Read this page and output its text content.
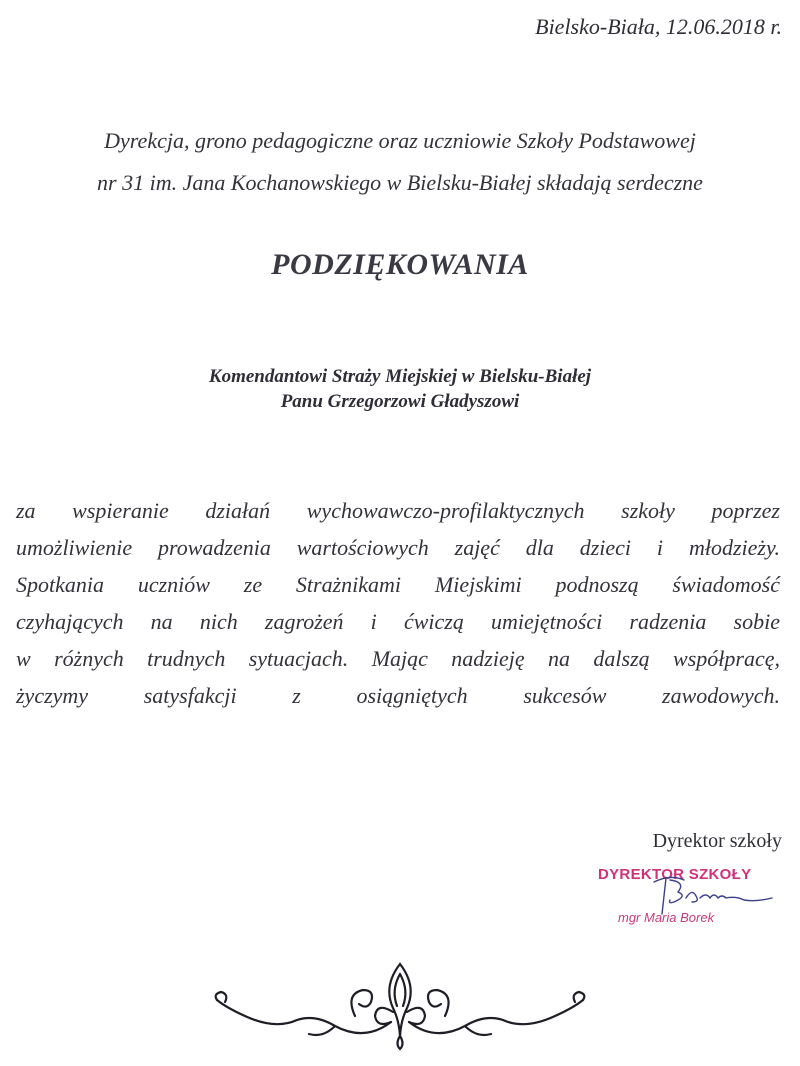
Bielsko-Biała, 12.06.2018 r.
Dyrekcja, grono pedagogiczne oraz uczniowie Szkoły Podstawowej
nr 31 im. Jana Kochanowskiego w Bielsku-Białej składają serdeczne
PODZIĘKOWANIA
Komendantowi Straży Miejskiej w Bielsku-Białej
Panu Grzegorzowi Gładyszowi
za wspieranie działań wychowawczo-profilaktycznych szkoły poprzez
umożliwienie prowadzenia wartościowych zajęć dla dzieci i młodzieży.
Spotkania uczniów ze Strażnikami Miejskimi podnoszą świadomość
czyhających na nich zagrożeń i ćwiczą umiejętności radzenia sobie
w różnych trudnych sytuacjach. Mając nadzieję na dalszą współpracę,
życzymy satysfakcji z osiągniętych sukcesów zawodowych.
Dyrektor szkoły
DYREKTOR SZKOŁY
mgr Maria Borek
